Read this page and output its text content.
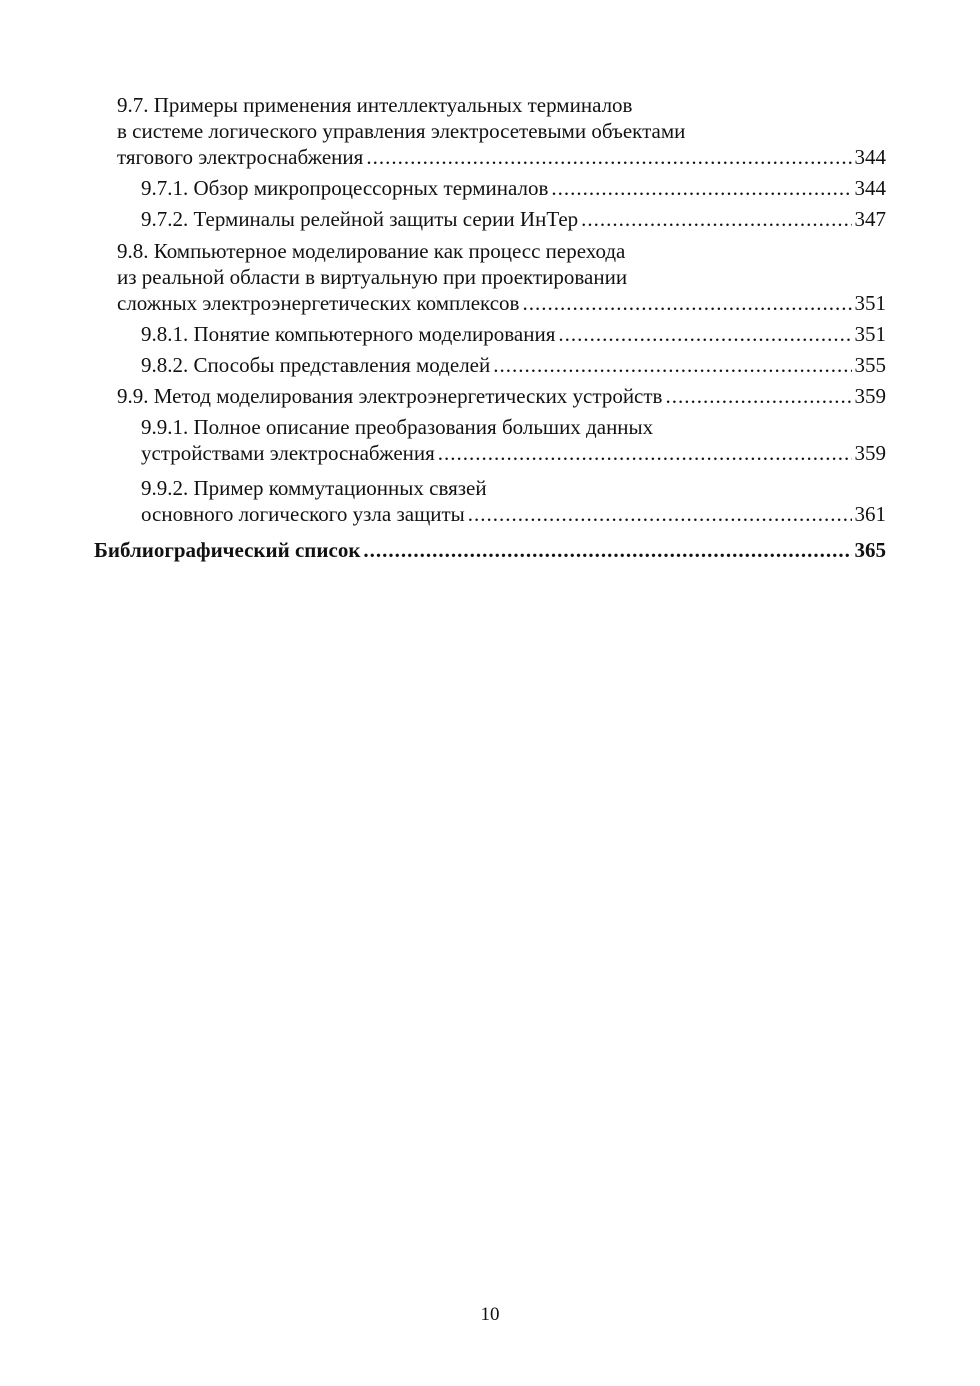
9.7. Примеры применения интеллектуальных терминалов
в системе логического управления электросетевыми объектами
тягового электроснабжения .....	344
9.7.1. Обзор микропроцессорных терминалов .....	344
9.7.2. Терминалы релейной защиты серии ИнТер .....	347
9.8. Компьютерное моделирование как процесс перехода
из реальной области в виртуальную при проектировании
сложных электроэнергетических комплексов .....	351
9.8.1. Понятие компьютерного моделирования .....	351
9.8.2. Способы представления моделей .....	355
9.9. Метод моделирования электроэнергетических устройств .....	359
9.9.1. Полное описание преобразования больших данных
устройствами электроснабжения .....	359
9.9.2. Пример коммутационных связей
основного логического узла защиты .....	361
Библиографический список .....	365
10
